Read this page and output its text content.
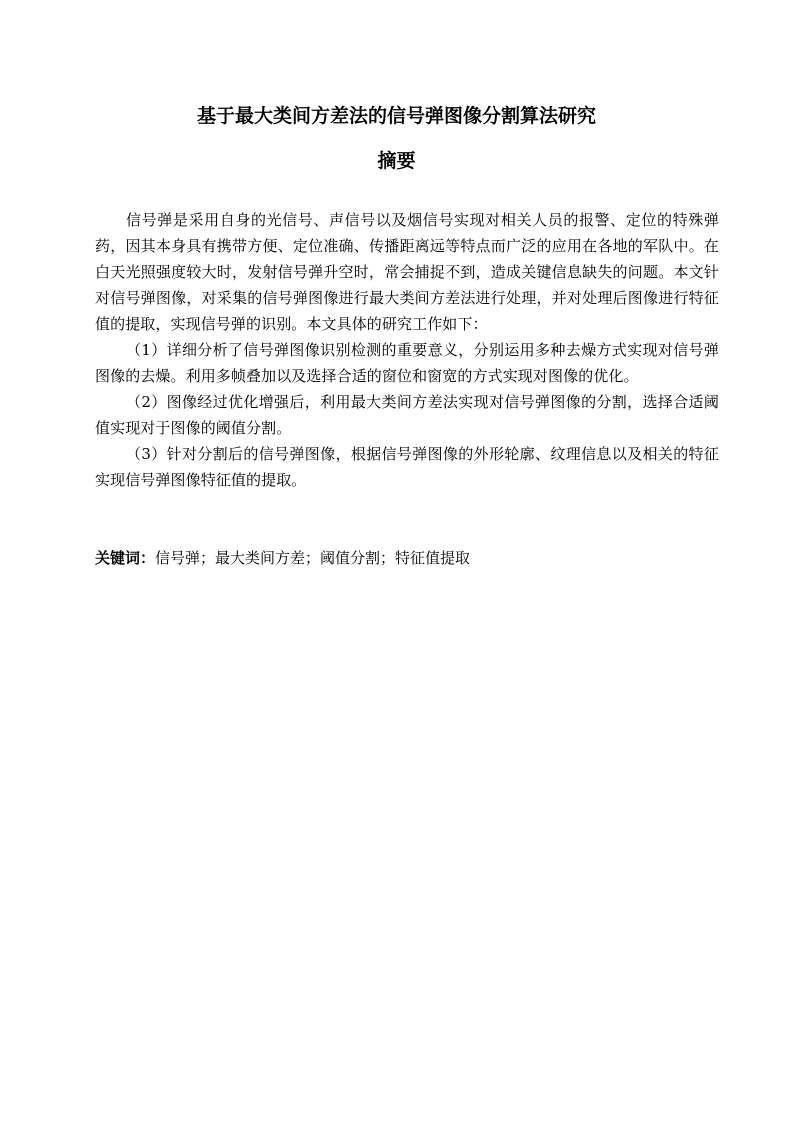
基于最大类间方差法的信号弹图像分割算法研究
摘要

信号弹是采用自身的光信号、声信号以及烟信号实现对相关人员的报警、定位的特殊弹药，因其本身具有携带方便、定位准确、传播距离远等特点而广泛的应用在各地的军队中。在白天光照强度较大时，发射信号弹升空时，常会捕捉不到，造成关键信息缺失的问题。本文针对信号弹图像，对采集的信号弹图像进行最大类间方差法进行处理，并对处理后图像进行特征值的提取，实现信号弹的识别。本文具体的研究工作如下：

（1）详细分析了信号弹图像识别检测的重要意义，分别运用多种去燥方式实现对信号弹图像的去燥。利用多帧叠加以及选择合适的窗位和窗宽的方式实现对图像的优化。

（2）图像经过优化增强后，利用最大类间方差法实现对信号弹图像的分割，选择合适阈值实现对于图像的阈值分割。

（3）针对分割后的信号弹图像，根据信号弹图像的外形轮廓、纹理信息以及相关的特征实现信号弹图像特征值的提取。

关键词：信号弹；最大类间方差；阈值分割；特征值提取
